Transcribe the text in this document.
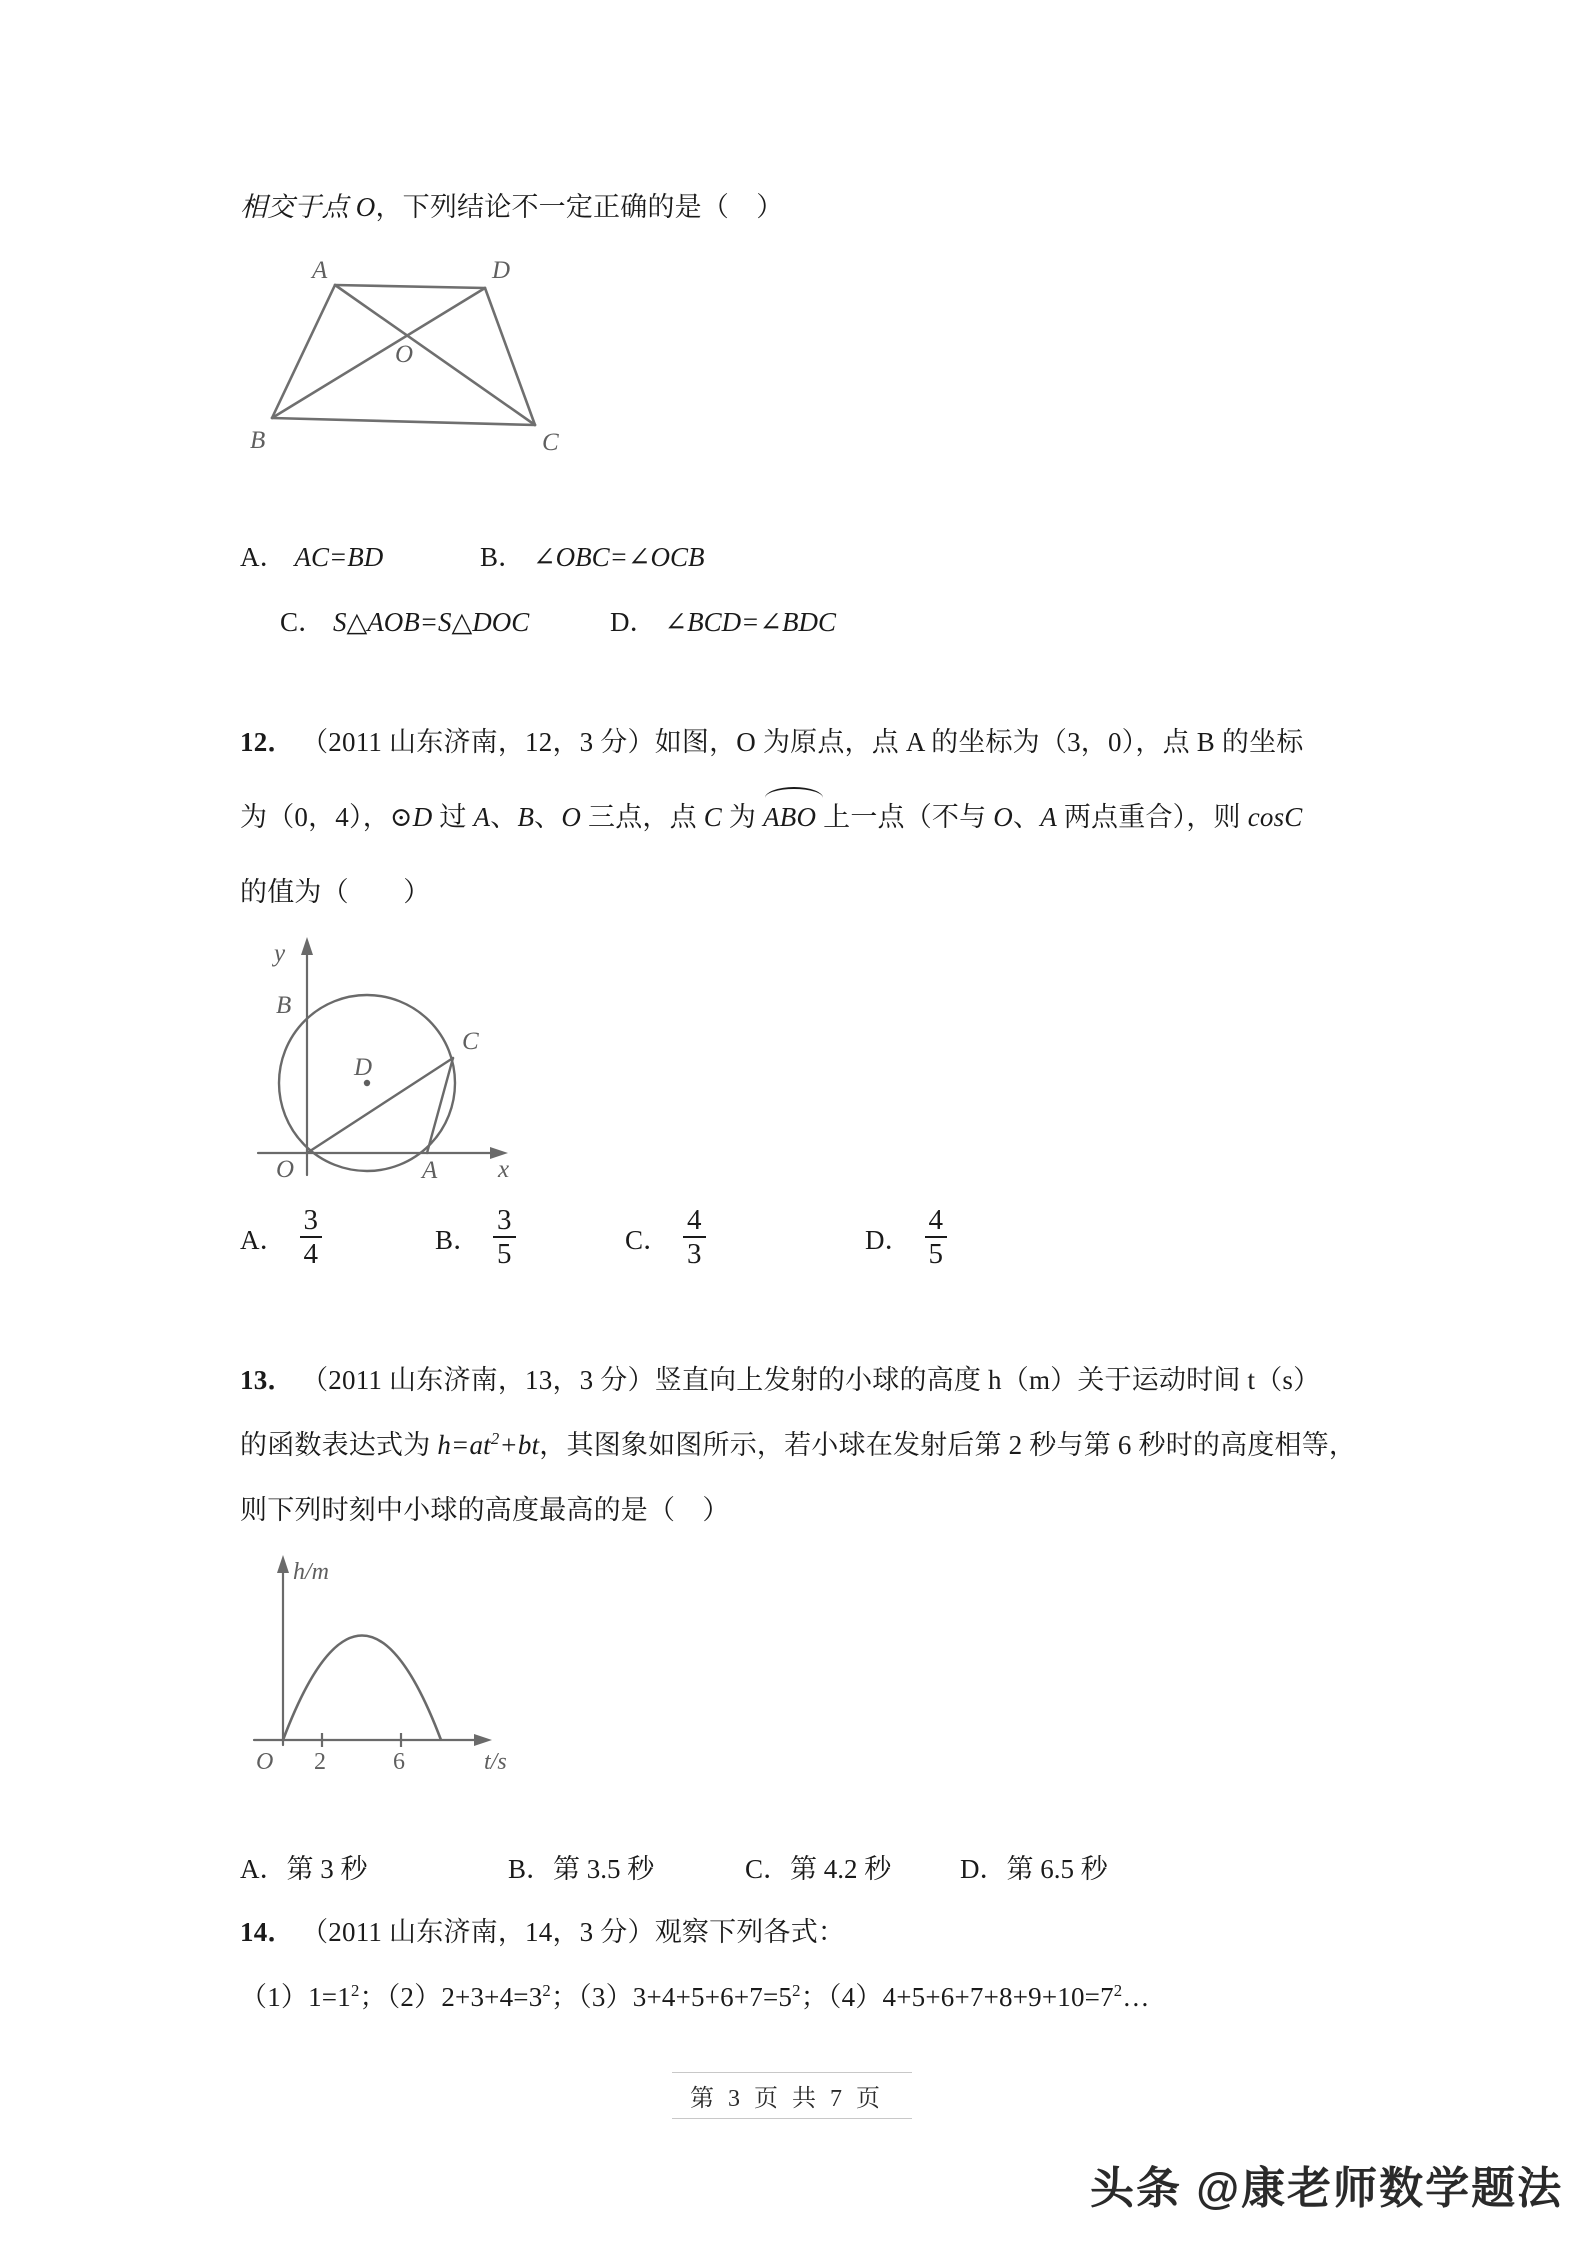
相交于点 O，下列结论不一定正确的是（　）
A	D
B	C
O
A． AC=BD	B． ∠OBC=∠OCB
C． S△AOB=S△DOC	D． ∠BCD=∠BDC
12． （2011 山东济南，12，3 分）如图，O 为原点，点 A 的坐标为（3，0），点 B 的坐标
为（0，4），⊙D 过 A、B、O 三点，点 C 为
ABO 上一点（不与 O、A 两点重合），则 cosC
的值为（　　）
y
x
B
C
D
A
O
A． $\frac{3}{4}$	B． $\frac{3}{5}$	C． $\frac{4}{3}$	D． $\frac{4}{5}$
13． （2011 山东济南，13，3 分）竖直向上发射的小球的高度 h（m）关于运动时间 t（s）
的函数表达式为 $h=at^2+bt$，其图象如图所示，若小球在发射后第 2 秒与第 6 秒时的高度相等，
则下列时刻中小球的高度最高的是（　）
h/m
t/s
O 2	6
A．第 3 秒	B．第 3.5 秒	C．第 4.2 秒	D．第 6.5 秒
14． （2011 山东济南，14，3 分）观察下列各式：
$(1)1=1^2$；$(2)2+3+4=3^2$；$(3)3+4+5+6+7=5^2$；$(4)4+5+6+7+8+9+10=7^2\dots$
第 3 页 共 7 页
头条 @康老师数学题法
